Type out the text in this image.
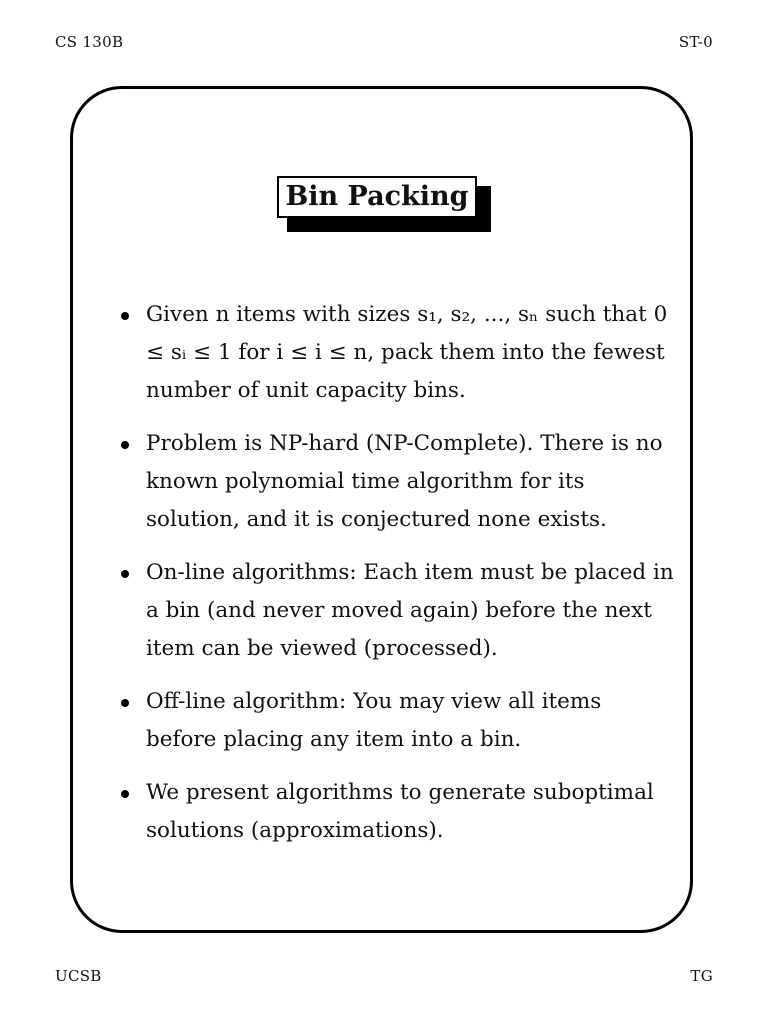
CS 130B	ST-0
Bin Packing
Given n items with sizes s₁, s₂, ..., sₙ such that 0 ≤ sᵢ ≤ 1 for i ≤ i ≤ n, pack them into the fewest number of unit capacity bins.
Problem is NP-hard (NP-Complete). There is no known polynomial time algorithm for its solution, and it is conjectured none exists.
On-line algorithms: Each item must be placed in a bin (and never moved again) before the next item can be viewed (processed).
Off-line algorithm: You may view all items before placing any item into a bin.
We present algorithms to generate suboptimal solutions (approximations).
UCSB	TG
